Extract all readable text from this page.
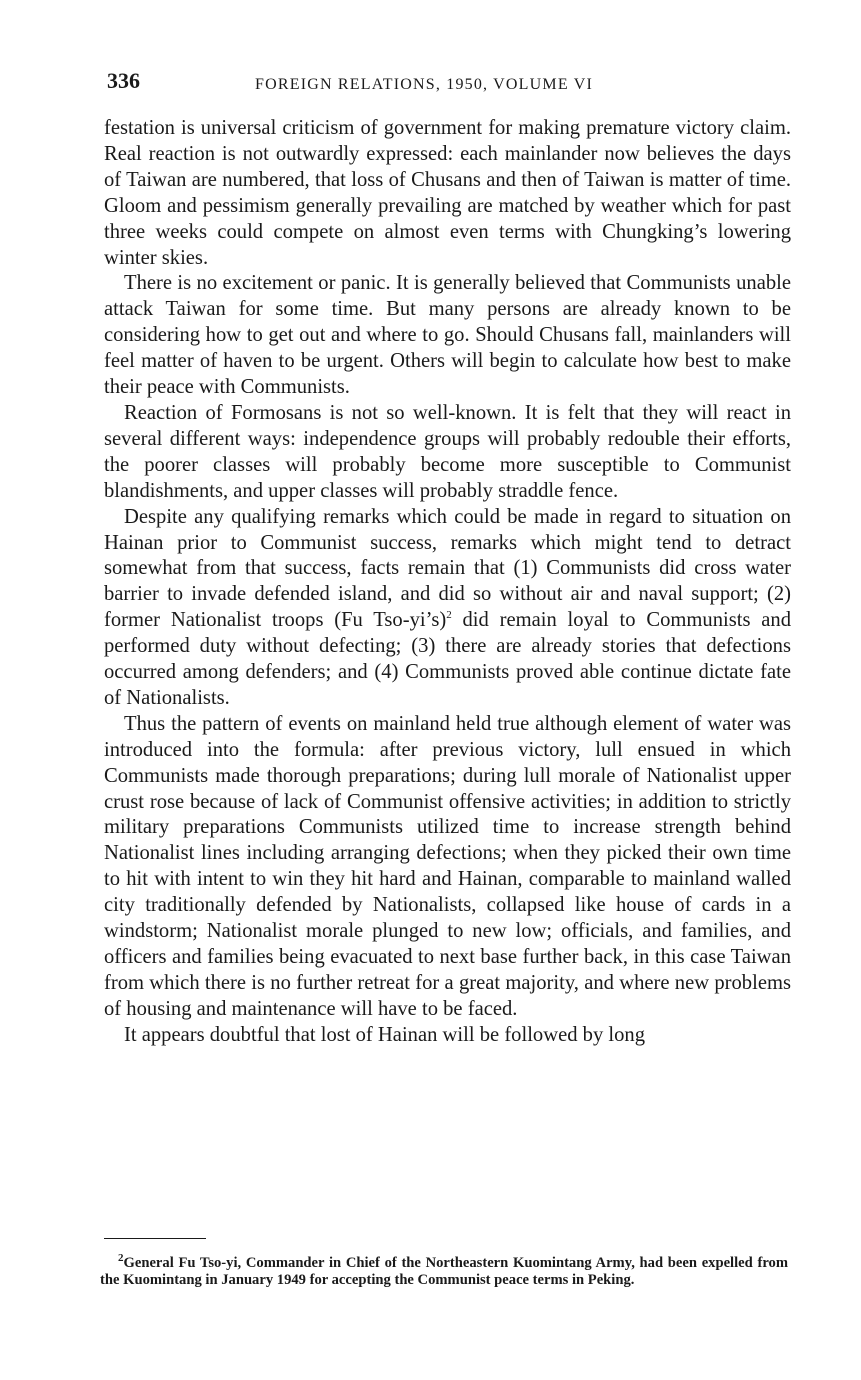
336	FOREIGN RELATIONS, 1950, VOLUME VI

festation is universal criticism of government for making premature victory claim. Real reaction is not outwardly expressed: each mainlander now believes the days of Taiwan are numbered, that loss of Chusans and then of Taiwan is matter of time. Gloom and pessimism generally prevailing are matched by weather which for past three weeks could compete on almost even terms with Chungking’s lowering winter skies.

There is no excitement or panic. It is generally believed that Communists unable attack Taiwan for some time. But many persons are already known to be considering how to get out and where to go. Should Chusans fall, mainlanders will feel matter of haven to be urgent. Others will begin to calculate how best to make their peace with Communists.

Reaction of Formosans is not so well-known. It is felt that they will react in several different ways: independence groups will probably redouble their efforts, the poorer classes will probably become more susceptible to Communist blandishments, and upper classes will probably straddle fence.

Despite any qualifying remarks which could be made in regard to situation on Hainan prior to Communist success, remarks which might tend to detract somewhat from that success, facts remain that (1) Communists did cross water barrier to invade defended island, and did so without air and naval support; (2) former Nationalist troops (Fu Tso-yi’s)$^2$ did remain loyal to Communists and performed duty without defecting; (3) there are already stories that defections occurred among defenders; and (4) Communists proved able continue dictate fate of Nationalists.

Thus the pattern of events on mainland held true although element of water was introduced into the formula: after previous victory, lull ensued in which Communists made thorough preparations; during lull morale of Nationalist upper crust rose because of lack of Communist offensive activities; in addition to strictly military preparations Communists utilized time to increase strength behind Nationalist lines including arranging defections; when they picked their own time to hit with intent to win they hit hard and Hainan, comparable to mainland walled city traditionally defended by Nationalists, collapsed like house of cards in a windstorm; Nationalist morale plunged to new low; officials, and families, and officers and families being evacuated to next base further back, in this case Taiwan from which there is no further retreat for a great majority, and where new problems of housing and maintenance will have to be faced.

It appears doubtful that lost of Hainan will be followed by long

$^2$General Fu Tso-yi, Commander in Chief of the Northeastern Kuomintang Army, had been expelled from the Kuomintang in January 1949 for accepting the Communist peace terms in Peking.
